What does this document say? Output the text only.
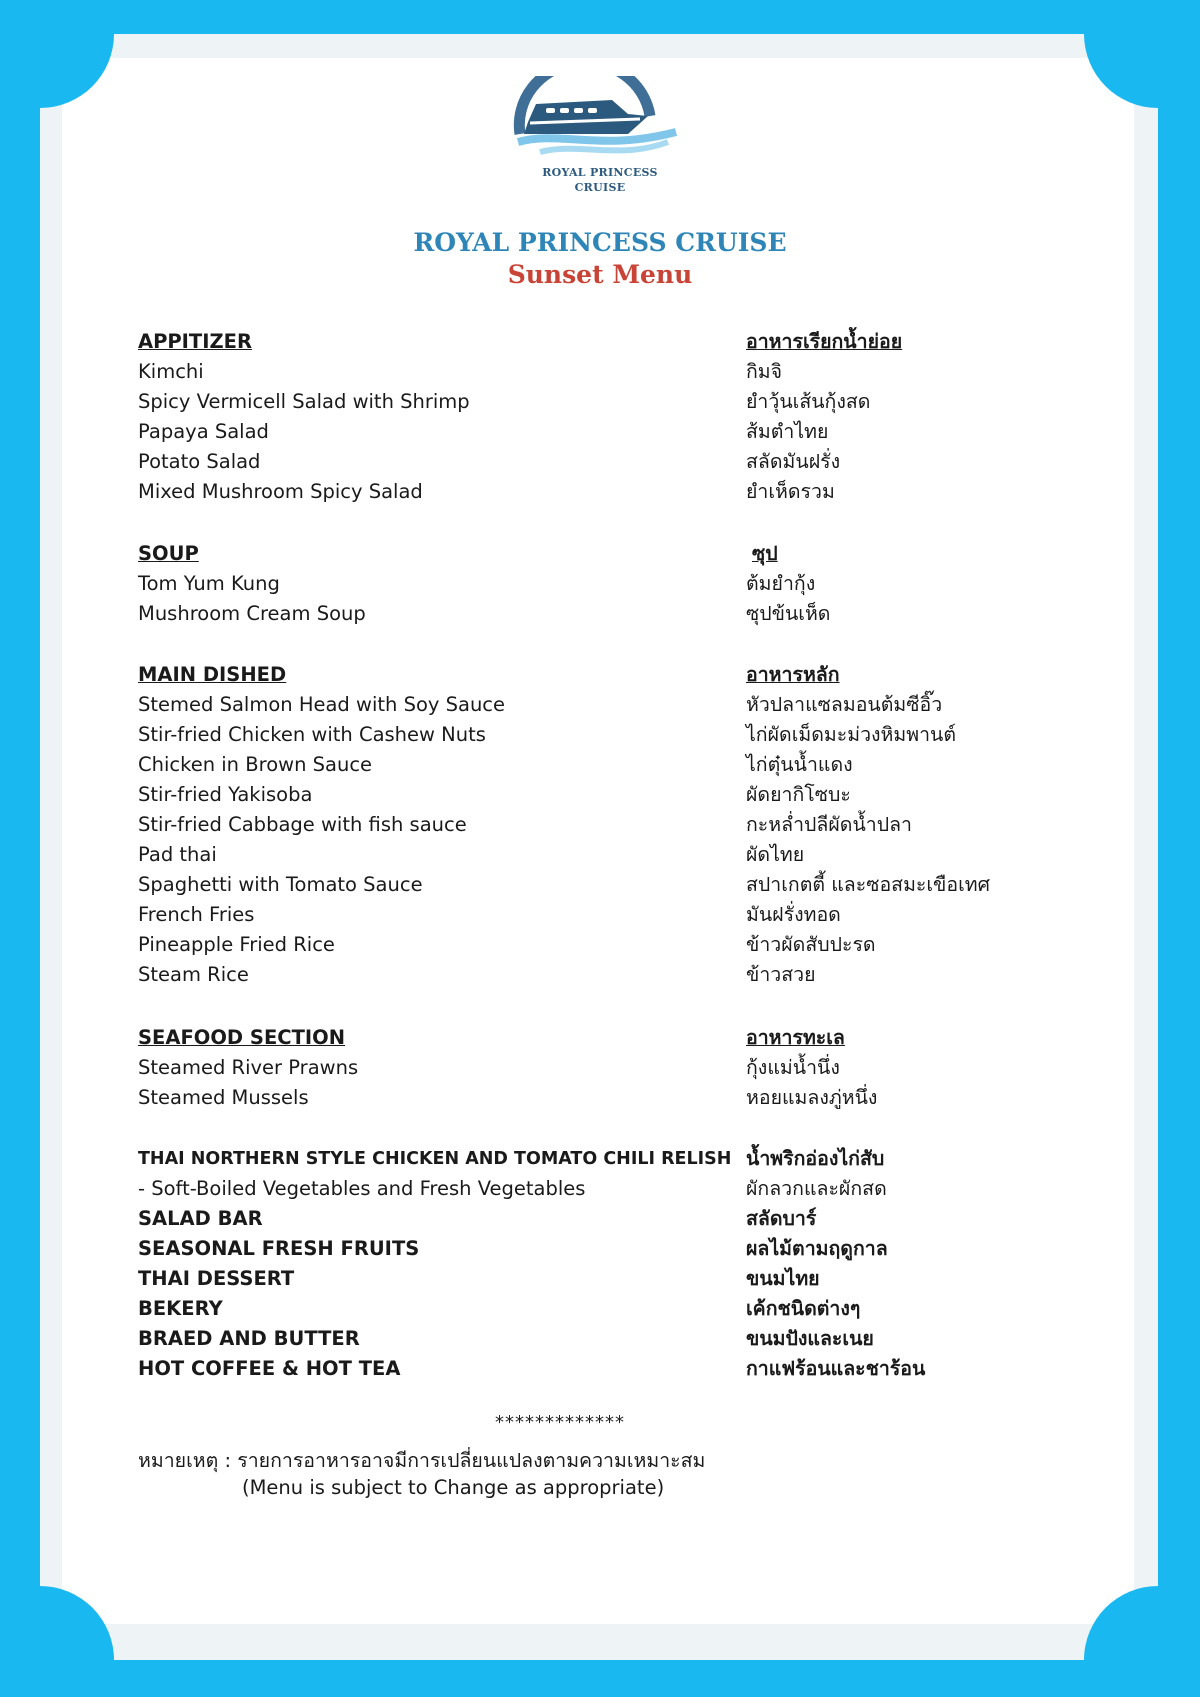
ROYAL PRINCESS
CRUISE
ROYAL PRINCESS CRUISE
Sunset Menu
APPITIZER	อาหารเรียกน้ำย่อย
Kimchi	กิมจิ
Spicy Vermicell Salad with Shrimp	ยำวุ้นเส้นกุ้งสด
Papaya Salad	ส้มตำไทย
Potato Salad	สลัดมันฝรั่ง
Mixed Mushroom Spicy Salad	ยำเห็ดรวม
SOUP	ซุป
Tom Yum Kung	ต้มยำกุ้ง
Mushroom Cream Soup	ซุปข้นเห็ด
MAIN DISHED	อาหารหลัก
Stemed Salmon Head with Soy Sauce	หัวปลาแซลมอนต้มซีอิ๊ว
Stir-fried Chicken with Cashew Nuts	ไก่ผัดเม็ดมะม่วงหิมพานต์
Chicken in Brown Sauce	ไก่ตุ๋นน้ำแดง
Stir-fried Yakisoba	ผัดยากิโซบะ
Stir-fried Cabbage with fish sauce	กะหล่ำปลีผัดน้ำปลา
Pad thai	ผัดไทย
Spaghetti with Tomato Sauce	สปาเกตตี้ และซอสมะเขือเทศ
French Fries	มันฝรั่งทอด
Pineapple Fried Rice	ข้าวผัดสับปะรด
Steam Rice	ข้าวสวย
SEAFOOD SECTION	อาหารทะเล
Steamed River Prawns	กุ้งแม่น้ำนึ่ง
Steamed Mussels	หอยแมลงภู่หนึ่ง
THAI NORTHERN STYLE CHICKEN AND TOMATO CHILI RELISH น้ำพริกอ่องไก่สับ
- Soft-Boiled Vegetables and Fresh Vegetables	ผักลวกและผักสด
SALAD BAR	สลัดบาร์
SEASONAL FRESH FRUITS	ผลไม้ตามฤดูกาล
THAI DESSERT	ขนมไทย
BEKERY	เค้กชนิดต่างๆ
BRAED AND BUTTER	ขนมปังและเนย
HOT COFFEE & HOT TEA	กาแฟร้อนและชาร้อน
*************
หมายเหตุ : รายการอาหารอาจมีการเปลี่ยนแปลงตามความเหมาะสม
(Menu is subject to Change as appropriate)
